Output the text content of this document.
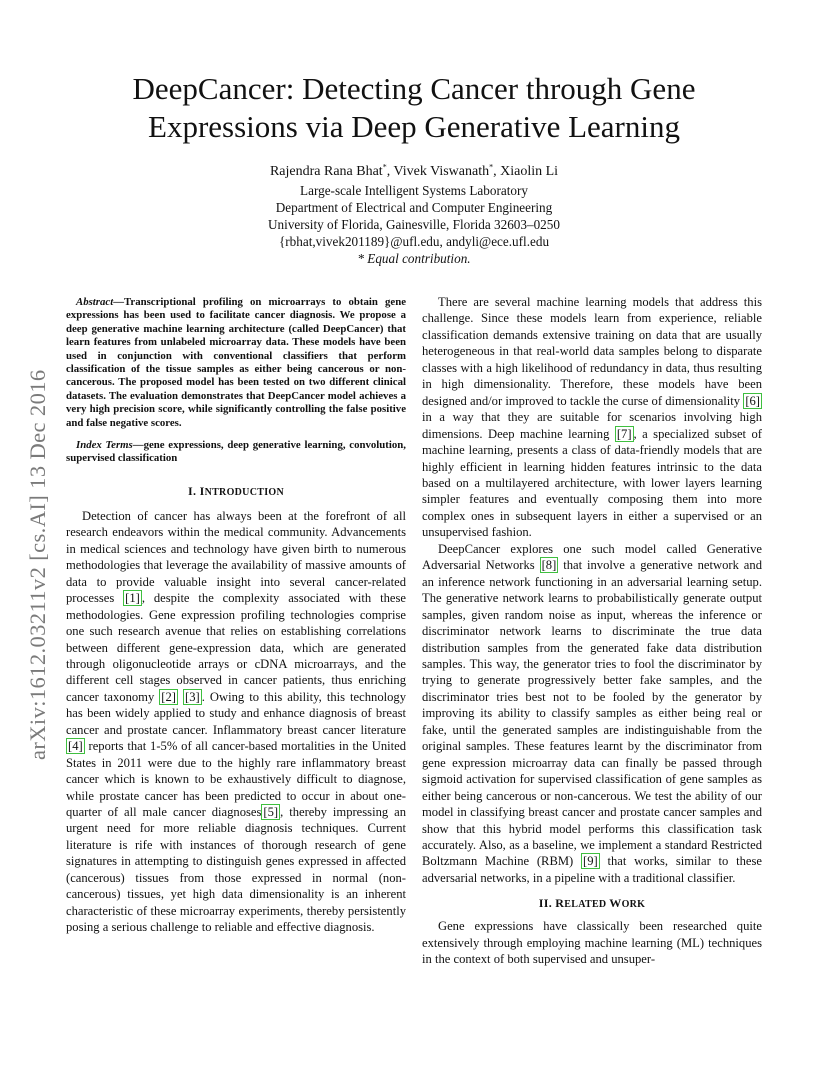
arXiv:1612.03211v2 [cs.AI] 13 Dec 2016
DeepCancer: Detecting Cancer through Gene
Expressions via Deep Generative Learning
Rajendra Rana Bhat*, Vivek Viswanath*, Xiaolin Li
Large-scale Intelligent Systems Laboratory
Department of Electrical and Computer Engineering
University of Florida, Gainesville, Florida 32603–0250
{rbhat,vivek201189}@ufl.edu, andyli@ece.ufl.edu
* Equal contribution.

Abstract—Transcriptional profiling on microarrays to obtain gene expressions has been used to facilitate cancer diagnosis. We propose a deep generative machine learning architecture (called DeepCancer) that learn features from unlabeled microarray data. These models have been used in conjunction with conventional classifiers that perform classification of the tissue samples as either being cancerous or non-cancerous. The proposed model has been tested on two different clinical datasets. The evaluation demonstrates that DeepCancer model achieves a very high precision score, while significantly controlling the false positive and false negative scores.

Index Terms—gene expressions, deep generative learning, convolution, supervised classification

I. INTRODUCTION

Detection of cancer has always been at the forefront of all research endeavors within the medical community. Advancements in medical sciences and technology have given birth to numerous methodologies that leverage the availability of massive amounts of data to provide valuable insight into several cancer-related processes [1] , despite the complexity associated with these methodologies. Gene expression profiling technologies comprise one such research avenue that relies on establishing correlations between different gene-expression data, which are generated through oligonucleotide arrays or cDNA microarrays, and the different cell stages observed in cancer patients, thus enriching cancer taxonomy [2] [3] . Owing to this ability, this technology has been widely applied to study and enhance diagnosis of breast cancer and prostate cancer. Inflammatory breast cancer literature [4] reports that 1-5% of all cancer-based mortalities in the United States in 2011 were due to the highly rare inflammatory breast cancer which is known to be exhaustively difficult to diagnose, while prostate cancer has been predicted to occur in about one-quarter of all male cancer diagnoses [5] , thereby impressing an urgent need for more reliable diagnosis techniques. Current literature is rife with instances of thorough research of gene signatures in attempting to distinguish genes expressed in affected (cancerous) tissues from those expressed in normal (non-cancerous) tissues, yet high data dimensionality is an inherent characteristic of these microarray experiments, thereby persistently posing a serious challenge to reliable and effective diagnosis.

There are several machine learning models that address this challenge. Since these models learn from experience, reliable classification demands extensive training on data that are usually heterogeneous in that real-world data samples belong to disparate classes with a high likelihood of redundancy in data, thus resulting in high dimensionality. Therefore, these models have been designed and/or improved to tackle the curse of dimensionality [6] in a way that they are suitable for scenarios involving high dimensions. Deep machine learning [7] , a specialized subset of machine learning, presents a class of data-friendly models that are highly efficient in learning hidden features intrinsic to the data based on a multilayered architecture, with lower layers learning simpler features and eventually composing them into more complex ones in subsequent layers in either a supervised or an unsupervised fashion.

DeepCancer explores one such model called Generative Adversarial Networks [8] that involve a generative network and an inference network functioning in an adversarial learning setup. The generative network learns to probabilistically generate output samples, given random noise as input, whereas the inference or discriminator network learns to discriminate the true data distribution samples from the generated fake data distribution samples. This way, the generator tries to fool the discriminator by trying to generate progressively better fake samples, and the discriminator tries best not to be fooled by the generator by improving its ability to classify samples as either being real or fake, until the generated samples are indistinguishable from the original samples. These features learnt by the discriminator from gene expression microarray data can finally be passed through sigmoid activation for supervised classification of gene samples as either being cancerous or non-cancerous. We test the ability of our model in classifying breast cancer and prostate cancer samples and show that this hybrid model performs this classification task accurately. Also, as a baseline, we implement a standard Restricted Boltzmann Machine (RBM) [9] that works, similar to these adversarial networks, in a pipeline with a traditional classifier.

II. RELATED WORK

Gene expressions have classically been researched quite extensively through employing machine learning (ML) techniques in the context of both supervised and unsuper-
